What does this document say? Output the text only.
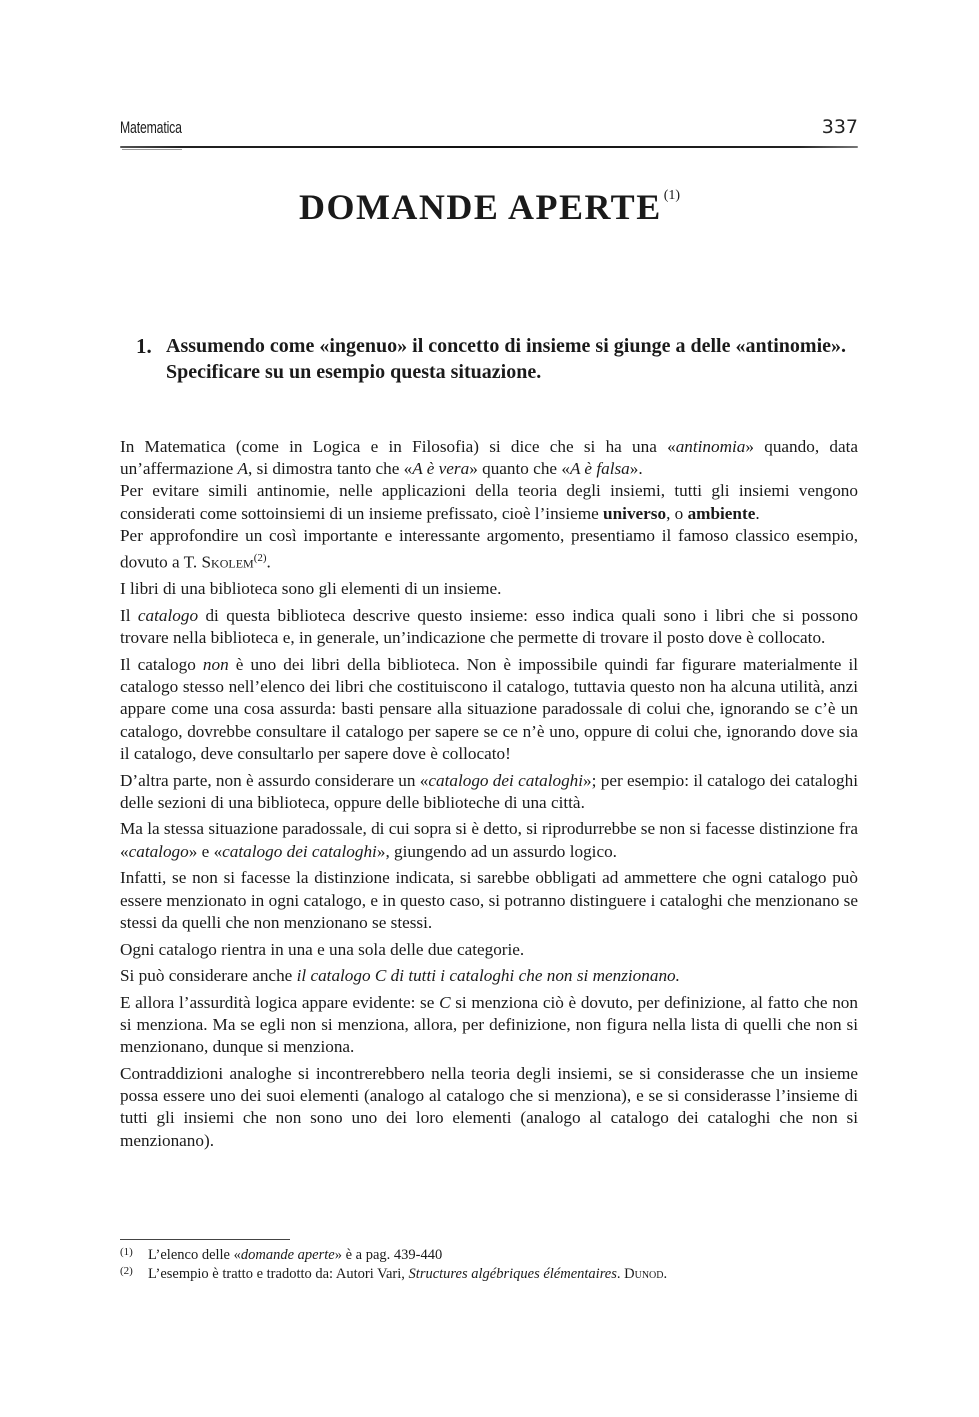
Matematica	337
DOMANDE APERTE $^{(1)}$
1. Assumendo come «ingenuo» il concetto di insieme si giunge a delle «antinomie».
Specificare su un esempio questa situazione.

In Matematica (come in Logica e in Filosofia) si dice che si ha una «antinomia» quando, data un’affermazione A, si dimostra tanto che «A è vera» quanto che «A è falsa».

Per evitare simili antinomie, nelle applicazioni della teoria degli insiemi, tutti gli insiemi vengono considerati come sottoinsiemi di un insieme prefissato, cioè l’insieme universo, o ambiente.

Per approfondire un così importante e interessante argomento, presentiamo il famoso classico esempio, dovuto a T. Skolem$^{(2)}$.

I libri di una biblioteca sono gli elementi di un insieme.

Il catalogo di questa biblioteca descrive questo insieme: esso indica quali sono i libri che si possono trovare nella biblioteca e, in generale, un’indicazione che permette di trovare il posto dove è collocato.

Il catalogo non è uno dei libri della biblioteca. Non è impossibile quindi far figurare materialmente il catalogo stesso nell’elenco dei libri che costituiscono il catalogo, tuttavia questo non ha alcuna utilità, anzi appare come una cosa assurda: basti pensare alla situazione paradossale di colui che, ignorando se c’è un catalogo, dovrebbe consultare il catalogo per sapere se ce n’è uno, oppure di colui che, ignorando dove sia il catalogo, deve consultarlo per sapere dove è collocato!

D’altra parte, non è assurdo considerare un «catalogo dei cataloghi»; per esempio: il catalogo dei cataloghi delle sezioni di una biblioteca, oppure delle biblioteche di una città.

Ma la stessa situazione paradossale, di cui sopra si è detto, si riprodurrebbe se non si facesse distinzione fra «catalogo» e «catalogo dei cataloghi», giungendo ad un assurdo logico.

Infatti, se non si facesse la distinzione indicata, si sarebbe obbligati ad ammettere che ogni catalogo può essere menzionato in ogni catalogo, e in questo caso, si potranno distinguere i cataloghi che menzionano se stessi da quelli che non menzionano se stessi.

Ogni catalogo rientra in una e una sola delle due categorie.

Si può considerare anche il catalogo C di tutti i cataloghi che non si menzionano.

E allora l’assurdità logica appare evidente: se C si menziona ciò è dovuto, per definizione, al fatto che non si menziona. Ma se egli non si menziona, allora, per definizione, non figura nella lista di quelli che non si menzionano, dunque si menziona.

Contraddizioni analoghe si incontrerebbero nella teoria degli insiemi, se si considerasse che un insieme possa essere uno dei suoi elementi (analogo al catalogo che si menziona), e se si considerasse l’insieme di tutti gli insiemi che non sono uno dei loro elementi (analogo al catalogo dei cataloghi che non si menzionano).

(1)	L’elenco delle «domande aperte» è a pag. 439-440
(2)	L’esempio è tratto e tradotto da: Autori Vari, Structures algébriques élémentaires. Dunod.
